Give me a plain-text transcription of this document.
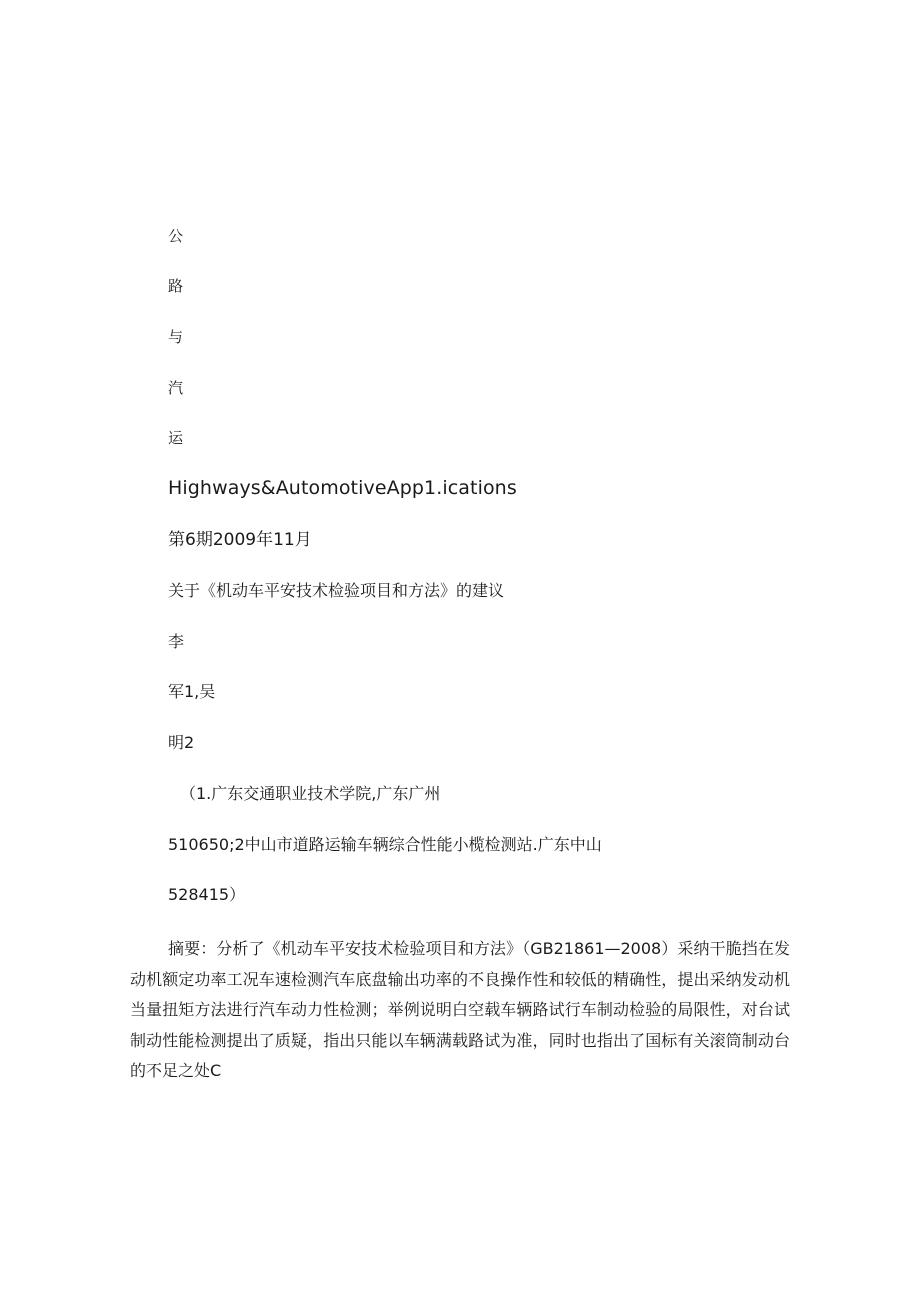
公
路
与
汽
运
Highways&AutomotiveApp1.ications
第6期2009年11月
关于《机动车平安技术检验项目和方法》的建议
李
军1,吴
明2
（1.广东交通职业技术学院,广东广州
510650;2中山市道路运输车辆综合性能小榄检测站.广东中山
528415）

摘要：分析了《机动车平安技术检验项目和方法》（GB21861—2008）采纳干脆挡在发动机额定功率工况车速检测汽车底盘输出功率的不良操作性和较低的精确性，提出采纳发动机当量扭矩方法进行汽车动力性检测；举例说明白空载车辆路试行车制动检验的局限性，对台试制动性能检测提出了质疑，指出只能以车辆满载路试为准，同时也指出了国标有关滚筒制动台的不足之处C
